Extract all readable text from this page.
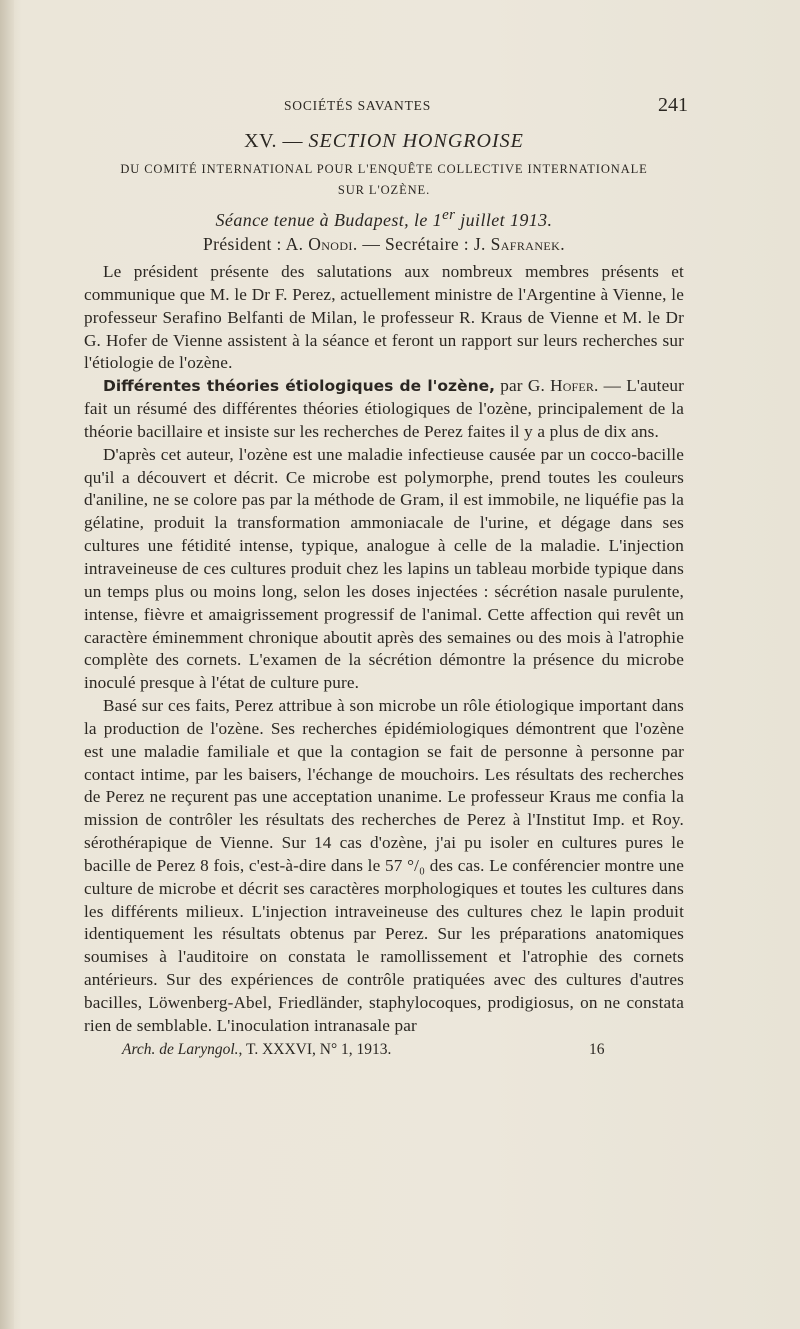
SOCIÉTÉS SAVANTES	241
XV. — SECTION HONGROISE
DU COMITÉ INTERNATIONAL POUR L'ENQUÊTE COLLECTIVE INTERNATIONALE
SUR L'OZÈNE.
Séance tenue à Budapest, le 1er juillet 1913.
Président : A. Onodi. — Secrétaire : J. Safranek.

Le président présente des salutations aux nombreux membres présents et communique que M. le Dr F. Perez, actuellement ministre de l'Argentine à Vienne, le professeur Serafino Belfanti de Milan, le professeur R. Kraus de Vienne et M. le Dr G. Hofer de Vienne assistent à la séance et feront un rapport sur leurs recherches sur l'étiologie de l'ozène.

Différentes théories étiologiques de l'ozène, par G. Hofer. — L'auteur fait un résumé des différentes théories étiologiques de l'ozène, principalement de la théorie bacillaire et insiste sur les recherches de Perez faites il y a plus de dix ans.

D'après cet auteur, l'ozène est une maladie infectieuse causée par un cocco-bacille qu'il a découvert et décrit. Ce microbe est polymorphe, prend toutes les couleurs d'aniline, ne se colore pas par la méthode de Gram, il est immobile, ne liquéfie pas la gélatine, produit la transformation ammoniacale de l'urine, et dégage dans ses cultures une fétidité intense, typique, analogue à celle de la maladie. L'injection intraveineuse de ces cultures produit chez les lapins un tableau morbide typique dans un temps plus ou moins long, selon les doses injectées : sécrétion nasale purulente, intense, fièvre et amaigrissement progressif de l'animal. Cette affection qui revêt un caractère éminemment chronique aboutit après des semaines ou des mois à l'atrophie complète des cornets. L'examen de la sécrétion démontre la présence du microbe inoculé presque à l'état de culture pure.

Basé sur ces faits, Perez attribue à son microbe un rôle étiologique important dans la production de l'ozène. Ses recherches épidémiologiques démontrent que l'ozène est une maladie familiale et que la contagion se fait de personne à personne par contact intime, par les baisers, l'échange de mouchoirs. Les résultats des recherches de Perez ne reçurent pas une acceptation unanime. Le professeur Kraus me confia la mission de contrôler les résultats des recherches de Perez à l'Institut Imp. et Roy. sérothérapique de Vienne. Sur 14 cas d'ozène, j'ai pu isoler en cultures pures le bacille de Perez 8 fois, c'est-à-dire dans le 57 °/₀ des cas. Le conférencier montre une culture de microbe et décrit ses caractères morphologiques et toutes les cultures dans les différents milieux. L'injection intraveineuse des cultures chez le lapin produit identiquement les résultats obtenus par Perez. Sur les préparations anatomiques soumises à l'auditoire on constata le ramollissement et l'atrophie des cornets antérieurs. Sur des expériences de contrôle pratiquées avec des cultures d'autres bacilles, Löwenberg-Abel, Friedländer, staphylocoques, prodigiosus, on ne constata rien de semblable. L'inoculation intranasale par

Arch. de Laryngol., T. XXXVI, N° 1, 1913.	16
